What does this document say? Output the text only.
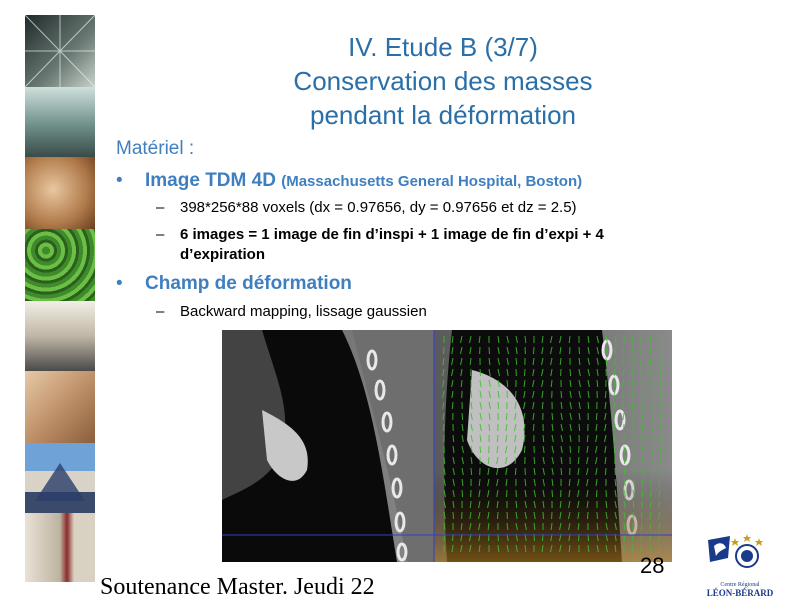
IV. Etude B (3/7)
Conservation des masses
pendant la déformation
Matériel :
• Image TDM 4D (Massachusetts General Hospital, Boston)
– 398*256*88 voxels (dx = 0.97656, dy = 0.97656 et dz = 2.5)
– 6 images = 1 image de fin d’inspi + 1 image de fin d’expi + 4
d’expiration
• Champ de déformation
– Backward mapping, lissage gaussien
28
Soutenance Master. Jeudi 22	Centre Régional
LÉON-BÉRARD
